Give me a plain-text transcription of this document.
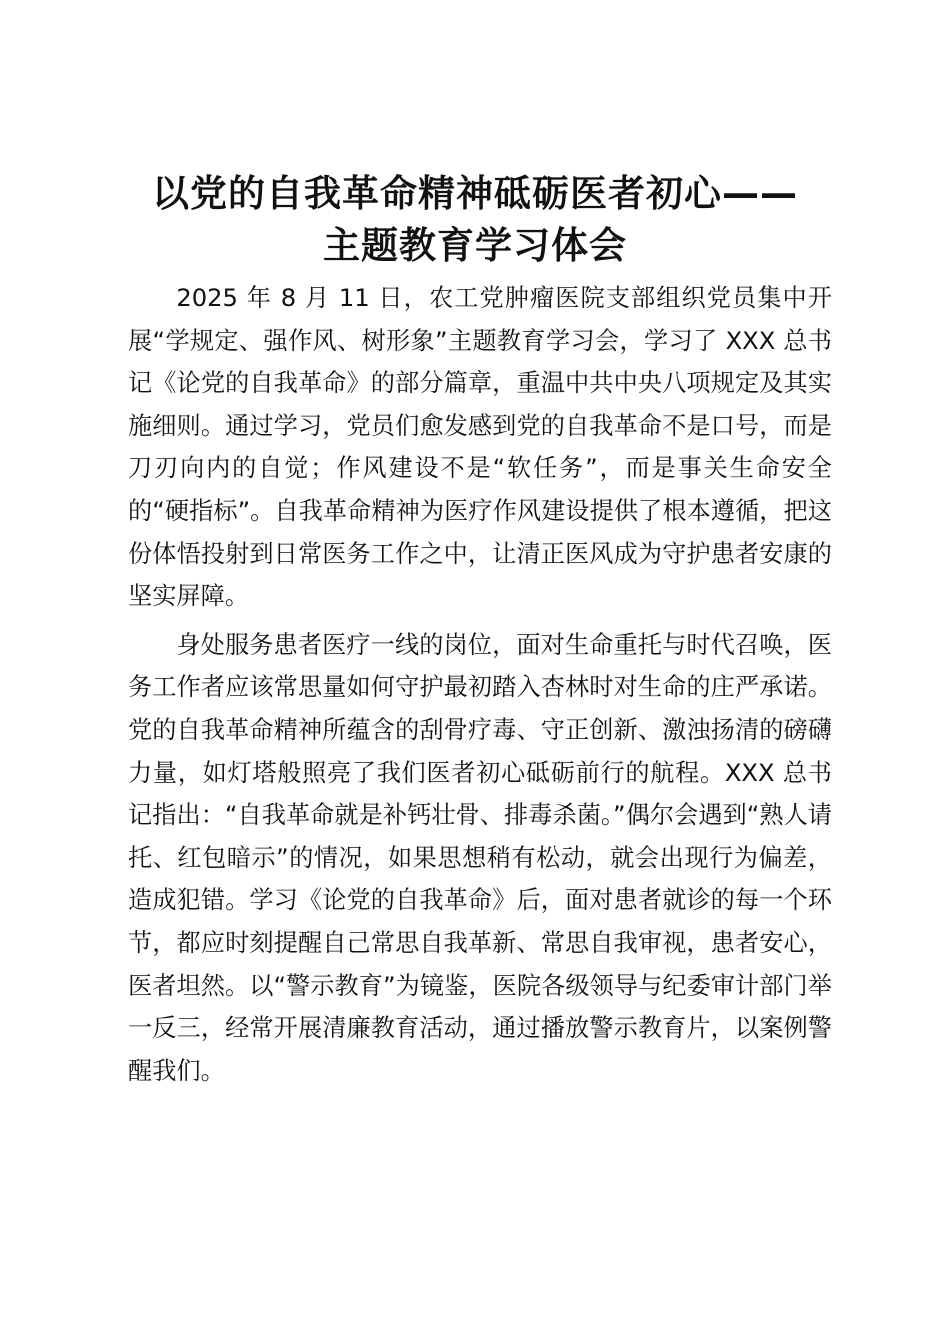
以党的自我革命精神砥砺医者初心——
主题教育学习体会

2025 年 8 月 11 日，农工党肿瘤医院支部组织党员集中开展“学规定、强作风、树形象”主题教育学习会，学习了 XXX 总书记《论党的自我革命》的部分篇章，重温中共中央八项规定及其实施细则。通过学习，党员们愈发感到党的自我革命不是口号，而是刀刃向内的自觉；作风建设不是“软任务”，而是事关生命安全的“硬指标”。自我革命精神为医疗作风建设提供了根本遵循，把这份体悟投射到日常医务工作之中，让清正医风成为守护患者安康的坚实屏障。

身处服务患者医疗一线的岗位，面对生命重托与时代召唤，医务工作者应该常思量如何守护最初踏入杏林时对生命的庄严承诺。党的自我革命精神所蕴含的刮骨疗毒、守正创新、激浊扬清的磅礴力量，如灯塔般照亮了我们医者初心砥砺前行的航程。XXX 总书记指出：“自我革命就是补钙壮骨、排毒杀菌。”偶尔会遇到“熟人请托、红包暗示”的情况，如果思想稍有松动，就会出现行为偏差，造成犯错。学习《论党的自我革命》后，面对患者就诊的每一个环节，都应时刻提醒自己常思自我革新、常思自我审视，患者安心，医者坦然。以“警示教育”为镜鉴，医院各级领导与纪委审计部门举一反三，经常开展清廉教育活动，通过播放警示教育片，以案例警醒我们。
